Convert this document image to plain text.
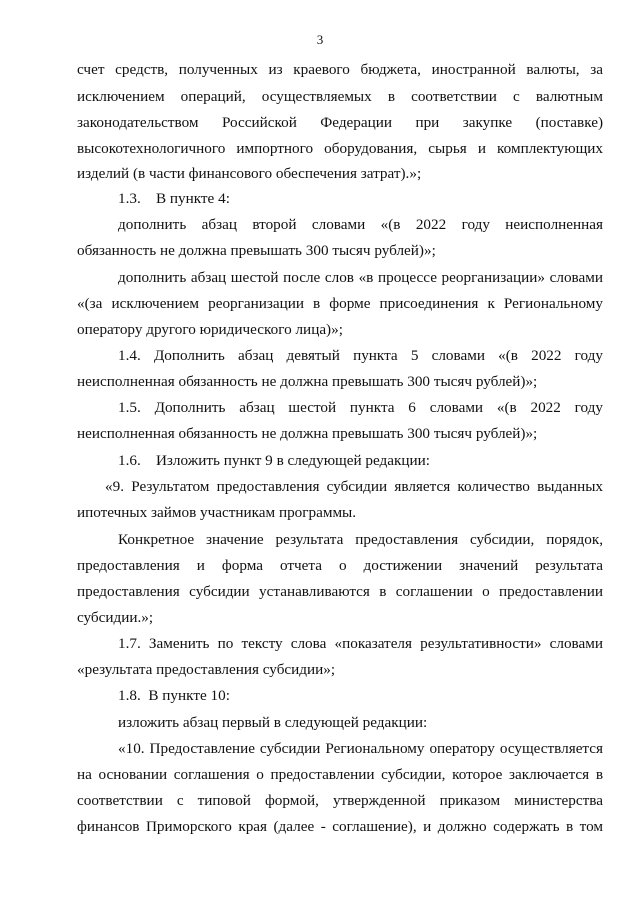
3
счет средств, полученных из краевого бюджета, иностранной валюты, за
исключением операций, осуществляемых в соответствии с валютным
законодательством Российской Федерации при закупке (поставке)
высокотехнологичного импортного оборудования, сырья и комплектующих
изделий (в части финансового обеспечения затрат).»;
1.3.    В пункте 4:
дополнить абзац второй словами «(в 2022 году неисполненная
обязанность не должна превышать 300 тысяч рублей)»;
дополнить абзац шестой после слов «в процессе реорганизации» словами
«(за исключением реорганизации в форме присоединения к Региональному
оператору другого юридического лица)»;
1.4. Дополнить абзац девятый пункта 5 словами «(в 2022 году
неисполненная обязанность не должна превышать 300 тысяч рублей)»;
1.5. Дополнить абзац шестой пункта 6 словами «(в 2022 году
неисполненная обязанность не должна превышать 300 тысяч рублей)»;
1.6.    Изложить пункт 9 в следующей редакции:
«9. Результатом предоставления субсидии является количество выданных
ипотечных займов участникам программы.
Конкретное значение результата предоставления субсидии, порядок,
предоставления и форма отчета о достижении значений результата
предоставления субсидии устанавливаются в соглашении о предоставлении
субсидии.»;
1.7. Заменить по тексту слова «показателя результативности» словами
«результата предоставления субсидии»;
1.8.  В пункте 10:
изложить абзац первый в следующей редакции:
«10. Предоставление субсидии Региональному оператору осуществляется
на основании соглашения о предоставлении субсидии, которое заключается в
соответствии с типовой формой, утвержденной приказом министерства
финансов Приморского края (далее - соглашение), и должно содержать в том
